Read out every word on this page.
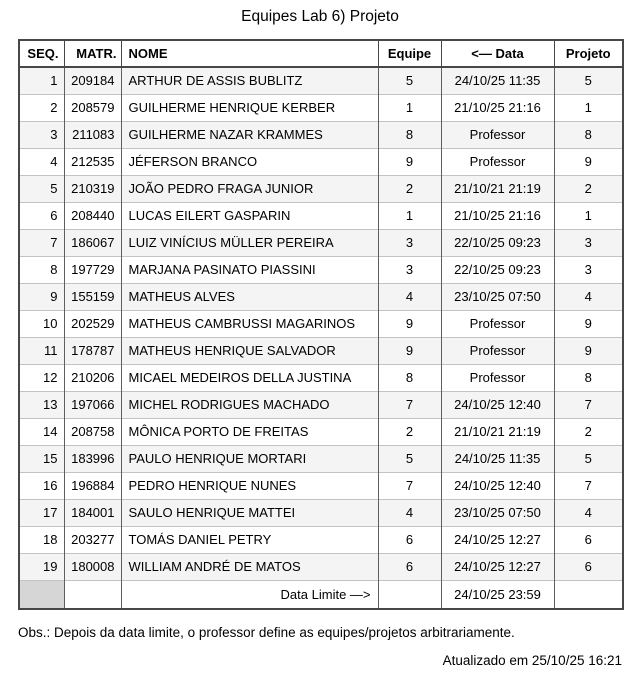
Equipes Lab 6) Projeto
SEQ.	MATR.	NOME	Equipe	<— Data	Projeto
1	209184	ARTHUR DE ASSIS BUBLITZ	5	24/10/25 11:35	5
2	208579	GUILHERME HENRIQUE KERBER	1	21/10/25 21:16	1
3	211083	GUILHERME NAZAR KRAMMES	8	Professor	8
4	212535	JÉFERSON BRANCO	9	Professor	9
5	210319	JOÃO PEDRO FRAGA JUNIOR	2	21/10/21 21:19	2
6	208440	LUCAS EILERT GASPARIN	1	21/10/25 21:16	1
7	186067	LUIZ VINÍCIUS MÜLLER PEREIRA	3	22/10/25 09:23	3
8	197729	MARJANA PASINATO PIASSINI	3	22/10/25 09:23	3
9	155159	MATHEUS ALVES	4	23/10/25 07:50	4
10	202529	MATHEUS CAMBRUSSI MAGARINOS	9	Professor	9
11	178787	MATHEUS HENRIQUE SALVADOR	9	Professor	9
12	210206	MICAEL MEDEIROS DELLA JUSTINA	8	Professor	8
13	197066	MICHEL RODRIGUES MACHADO	7	24/10/25 12:40	7
14	208758	MÔNICA PORTO DE FREITAS	2	21/10/21 21:19	2
15	183996	PAULO HENRIQUE MORTARI	5	24/10/25 11:35	5
16	196884	PEDRO HENRIQUE NUNES	7	24/10/25 12:40	7
17	184001	SAULO HENRIQUE MATTEI	4	23/10/25 07:50	4
18	203277	TOMÁS DANIEL PETRY	6	24/10/25 12:27	6
19	180008	WILLIAM ANDRÉ DE MATOS	6	24/10/25 12:27	6
		Data Limite —>		24/10/25 23:59	

Obs.: Depois da data limite, o professor define as equipes/projetos arbitrariamente.

Atualizado em 25/10/25 16:21
